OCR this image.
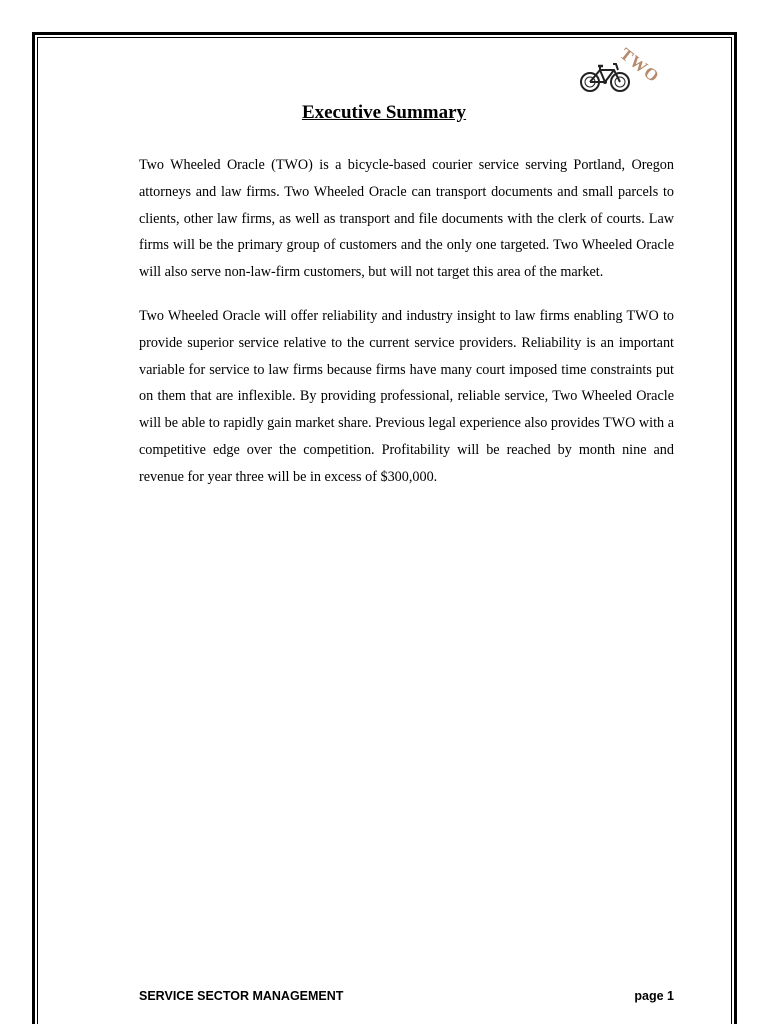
TWO
Executive Summary

Two Wheeled Oracle (TWO) is a bicycle-based courier service serving Portland, Oregon attorneys and law firms. Two Wheeled Oracle can transport documents and small parcels to clients, other law firms, as well as transport and file documents with the clerk of courts. Law firms will be the primary group of customers and the only one targeted. Two Wheeled Oracle will also serve non-law-firm customers, but will not target this area of the market.

Two Wheeled Oracle will offer reliability and industry insight to law firms enabling TWO to provide superior service relative to the current service providers. Reliability is an important variable for service to law firms because firms have many court imposed time constraints put on them that are inflexible. By providing professional, reliable service, Two Wheeled Oracle will be able to rapidly gain market share. Previous legal experience also provides TWO with a competitive edge over the competition. Profitability will be reached by month nine and revenue for year three will be in excess of $300,000.

SERVICE SECTOR MANAGEMENT	page 1
